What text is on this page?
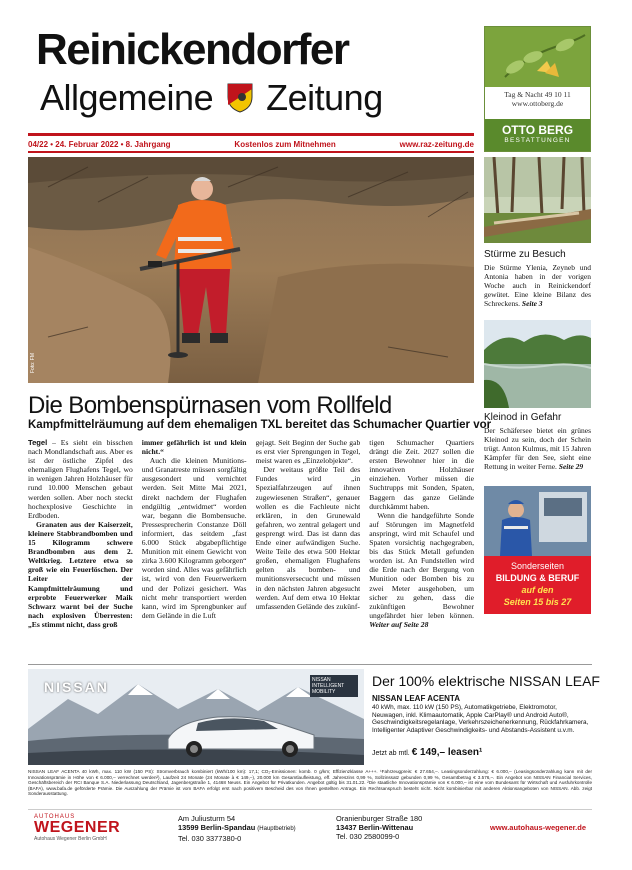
Reinickendorfer
Allgemeine Zeitung
04/22 • 24. Februar 2022 • 8. Jahrgang	Kostenlos zum Mitnehmen	www.raz-zeitung.de
Tag & Nacht 49 10 11
www.ottoberg.de
OTTO BERG
BESTATTUNGEN
Foto: FM
Stürme zu Besuch
Die Stürme Ylenia, Zeyneb und Antonia haben in der vorigen Woche auch in Reinickendorf gewütet. Eine kleine Bilanz des Schreckens. Seite 3
Kleinod in Gefahr
Der Schäfersee bietet ein grünes Kleinod zu sein, doch der Schein trügt. Anton Kulmus, mit 15 Jahren Kämpfer für den See, sieht eine Rettung in weiter Ferne. Seite 29
Sonderseiten
BILDUNG & BERUF
auf den
Seiten 15 bis 27
Die Bombenspürnasen vom Rollfeld
Kampfmittelräumung auf dem ehemaligen TXL bereitet das Schumacher Quartier vor

Tegel – Es sieht ein bisschen nach Mondlandschaft aus. Aber es ist der östliche Zipfel des ehemaligen Flughafens Tegel, wo in wenigen Jahren Holzhäuser für rund 10.000 Menschen gebaut werden sollen. Aber noch steckt hochexplosive Geschichte in Erdboden.

Granaten aus der Kaiserzeit, kleinere Stabbrandbomben und 15 Kilogramm schwere Brandbomben aus dem 2. Weltkrieg. Letztere etwa so groß wie ein Feuerlöschen. Der Leiter der Kampfmittelräumung und erprobte Feuerwerker Maik Schwarz warnt bei der Suche nach explosiven Überresten: „Es stimmt nicht, dass groß

immer gefährlich ist und klein nicht.“

Auch die kleinen Munitions- und Granatreste müssen sorgfältig ausgesondert und vernichtet werden. Seit Mitte Mai 2021, direkt nachdem der Flughafen endgültig „entwidmet“ worden war, begann die Bombensuche. Pressesprecherin Constanze Döll informiert, das seitdem „fast 6.000 Stück abgabepflichtige Munition mit einem Gewicht von zirka 3.600 Kilogramm geborgen“ worden sind. Alles was gefährlich ist, wird von den Feuerwerkern und der Polizei gesichert. Was nicht mehr transportiert werden kann, wird im Sprengbunker auf dem Gelände in die Luft

gejagt. Seit Beginn der Suche gab es erst vier Sprengungen in Tegel, meist waren es „Einzelobjekte“.

Der weitaus größte Teil des Fundes wird „in Spezialfahrzeugen auf ihnen zugewiesenen Straßen“, genauer wollen es die Fachleute nicht erklären, in den Grunewald gefahren, wo zentral gelagert und gesprengt wird. Das ist dann das Ende einer aufwändigen Suche. Weite Teile des etwa 500 Hektar großen, ehemaligen Flughafens gelten als bomben- und munitionsversecucht und müssen in den nächsten Jahren abgesucht werden. Auf dem etwa 10 Hektar umfassenden Gelände des zukünf-

tigen Schumacher Quartiers drängt die Zeit. 2027 sollen die ersten Bewohner hier in die innovativen Holzhäuser einziehen. Vorher müssen die Suchtrupps mit Sonden, Spaten, Baggern das ganze Gelände durchkämmt haben.

Wenn die handgeführte Sonde auf Störungen im Magnetfeld anspringt, wird mit Schaufel und Spaten vorsichtig nachgegraben, bis das Stück Metall gefunden worden ist. An Fundstellen wird die Erde nach der Bergung von Munition oder Bomben bis zu zwei Meter ausgehoben, um sicher zu gehen, dass die zukünftigen Bewohner ungefährdet hier leben können. Weiter auf Seite 28

NISSAN	NISSAN INTELLIGENT MOBILITY
Der 100% elektrische NISSAN LEAF
NISSAN LEAF ACENTA
40 kWh, max. 110 kW (150 PS), Automatikgetriebe, Elektromotor, Neuwagen, inkl. Klimaautomatik, Apple CarPlay® und Android Auto®, Geschwindigkeitsregelanlage, Verkehrszeichenerkennung, Rückfahrkamera, Intelligenter Adaptiver Geschwindigkeits- und Abstands-Assistent u.v.m.
Jetzt ab mtl. € 149,– leasen¹
NISSAN LEAF ACENTA 40 kWh, max. 110 kW (150 PS): Stromverbrauch kombiniert (kWh/100 km): 17,1; CO₂-Emissionen: komb. 0 g/km; Effizienzklasse A+++. ¹Fahrzeugpreis: € 27.654,–. Leasingsonderzahlung: € 6.000,– (Leasingsonderzahlung kann mit der Innovationsprämie in Höhe von € 6.000,– verrechnet werden²), Laufzeit 24 Monate (24 Monate à € 149,–), 20.000 km Gesamtlaufleistung, eff. Jahreszins 0,99 %, Sollzinssatz gebunden 0,99 %, Gesamtbetrag € 3.576,–. Ein Angebot von NISSAN Financial Services, Geschäftsbereich der RCI Banque S.A. Niederlassung Deutschland, Jagenbergstraße 1, 41468 Neuss. Ein Angebot für Privatkunden. Angebot gültig bis 31.01.22. ²Die staatliche Innovationsprämie von € 6.000,– ist eine vom Bundesamt für Wirtschaft und Ausfuhrkontrolle (BAFA), www.bafa.de geförderte Prämie. Die Auszahlung der Prämie ist vom BAFA erfolgt erst nach positivem Bescheid des von Ihnen gestellten Antrags. Ein Rechtsanspruch besteht nicht. Nicht kombinierbar mit anderen Aktionsangeboten von NISSAN. Abb. zeigt Sonderausstattung.
AUTOHAUS
WEGENER
Autohaus Wegener Berlin GmbH
Am Juliusturm 54
13599 Berlin-Spandau (Hauptbetrieb)
Tel. 030 3377380-0
Oranienburger Straße 180
13437 Berlin-Wittenau
Tel. 030 2580099-0
www.autohaus-wegener.de
